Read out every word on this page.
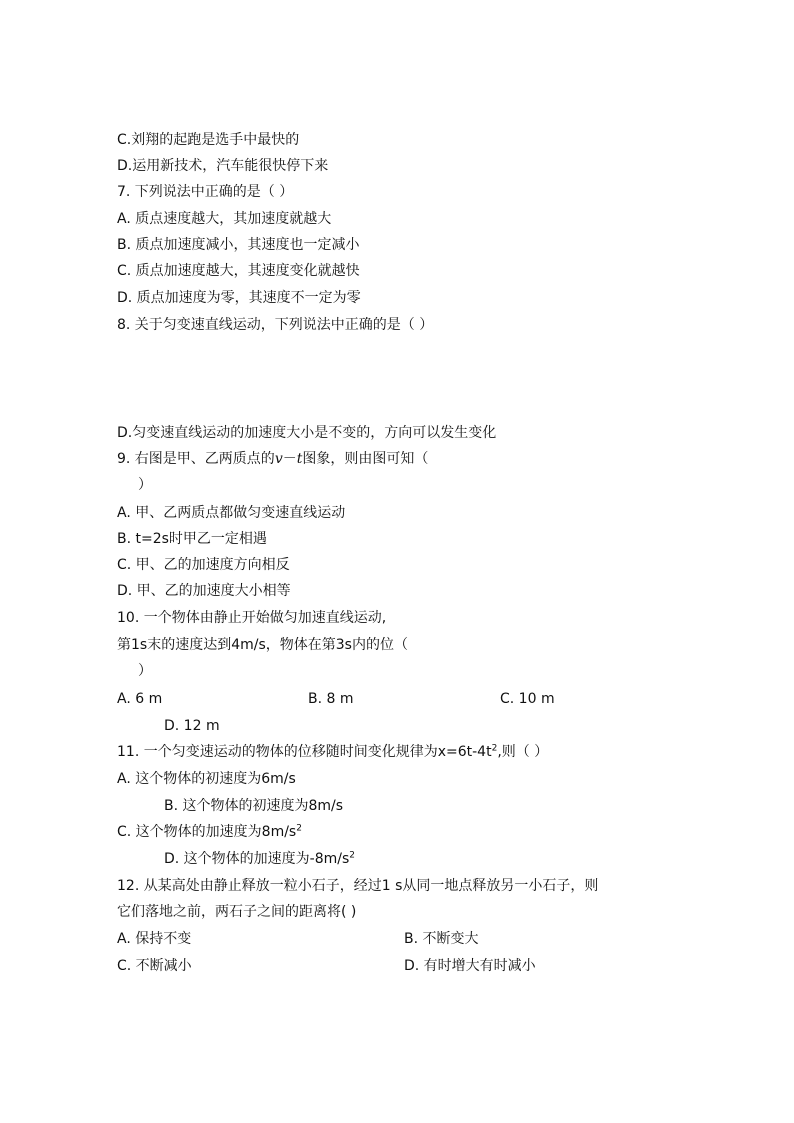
C.刘翔的起跑是选手中最快的
D.运用新技术，汽车能很快停下来
7. 下列说法中正确的是（ ）
A. 质点速度越大，其加速度就越大
B. 质点加速度减小，其速度也一定减小
C. 质点加速度越大，其速度变化就越快
D. 质点加速度为零，其速度不一定为零
8. 关于匀变速直线运动，下列说法中正确的是（ ）
D.匀变速直线运动的加速度大小是不变的，方向可以发生变化
9. 右图是甲、乙两质点的v－t图象，则由图可知（
）
A. 甲、乙两质点都做匀变速直线运动
B. t=2s时甲乙一定相遇
C. 甲、乙的加速度方向相反
D. 甲、乙的加速度大小相等
10. 一个物体由静止开始做匀加速直线运动,
第1s末的速度达到4m/s，物体在第3s内的位（
）
A. 6 m	B. 8 m	C. 10 m
D. 12 m
11. 一个匀变速运动的物体的位移随时间变化规律为$x=6t-4t^2$,则（ ）
A. 这个物体的初速度为6m/s
B. 这个物体的初速度为8m/s
C. 这个物体的加速度为$8m/s^2$
D. 这个物体的加速度为$-8m/s^2$
12. 从某高处由静止释放一粒小石子，经过1 s从同一地点释放另一小石子，则
它们落地之前，两石子之间的距离将( )
A. 保持不变	B. 不断变大
C. 不断减小	D. 有时增大有时减小
